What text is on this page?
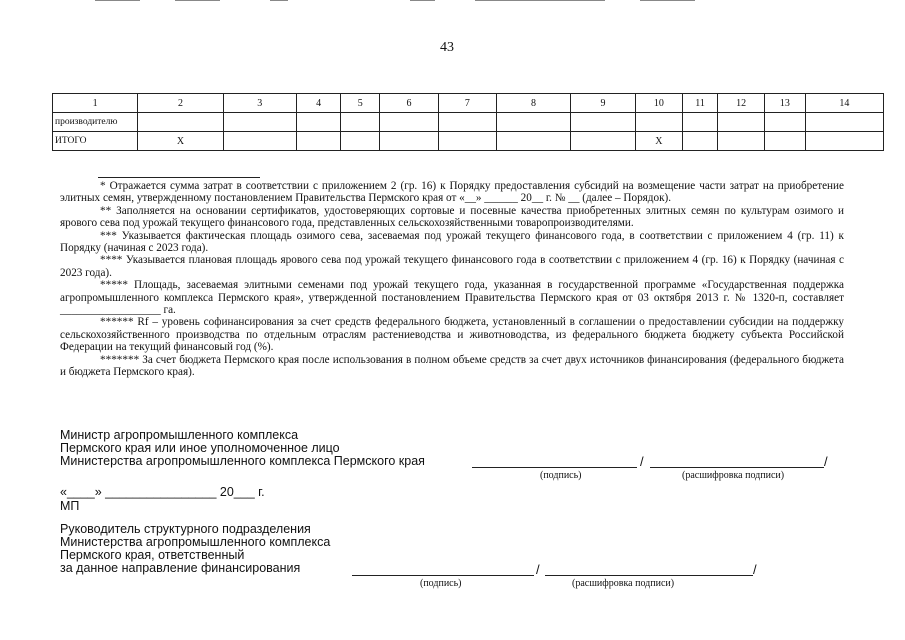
43
1	2	3	4	5	6	7	8	9	10	11	12	13	14
производителю													
ИТОГО	Х								Х				

* Отражается сумма затрат в соответствии с приложением 2 (гр. 16) к Порядку предоставления субсидий на возмещение части затрат на приобретение элитных семян, утвержденному постановлением Правительства Пермского края от «__» ______ 20__ г. № __ (далее – Порядок).

** Заполняется на основании сертификатов, удостоверяющих сортовые и посевные качества приобретенных элитных семян по культурам озимого и ярового сева под урожай текущего финансового года, представленных сельскохозяйственными товаропроизводителями.

*** Указывается фактическая площадь озимого сева, засеваемая под урожай текущего финансового года, в соответствии с приложением 4 (гр. 11) к Порядку (начиная с 2023 года).

**** Указывается плановая площадь ярового сева под урожай текущего финансового года в соответствии с приложением 4 (гр. 16) к Порядку (начиная с 2023 года).

***** Площадь, засеваемая элитными семенами под урожай текущего года, указанная в государственной программе «Государственная поддержка агропромышленного комплекса Пермского края», утвержденной постановлением Правительства Пермского края от 03 октября 2013 г. № 1320-п, составляет __________________ га.

****** Rf – уровень софинансирования за счет средств федерального бюджета, установленный в соглашении о предоставлении субсидии на поддержку сельскохозяйственного производства по отдельным отраслям растениеводства и животноводства, из федерального бюджета бюджету субъекта Российской Федерации на текущий финансовый год (%).

******* За счет бюджета Пермского края после использования в полном объеме средств за счет двух источников финансирования (федерального бюджета и бюджета Пермского края).

Министр агропромышленного комплекса
Пермского края или иное уполномоченное лицо
Министерства агропромышленного комплекса Пермского края	/	/
(подпись)	(расшифровка подписи)
«____» ________________ 20___ г.
МП
Руководитель структурного подразделения
Министерства агропромышленного комплекса
Пермского края, ответственный
за данное направление финансирования	/	/
(подпись)	(расшифровка подписи)
